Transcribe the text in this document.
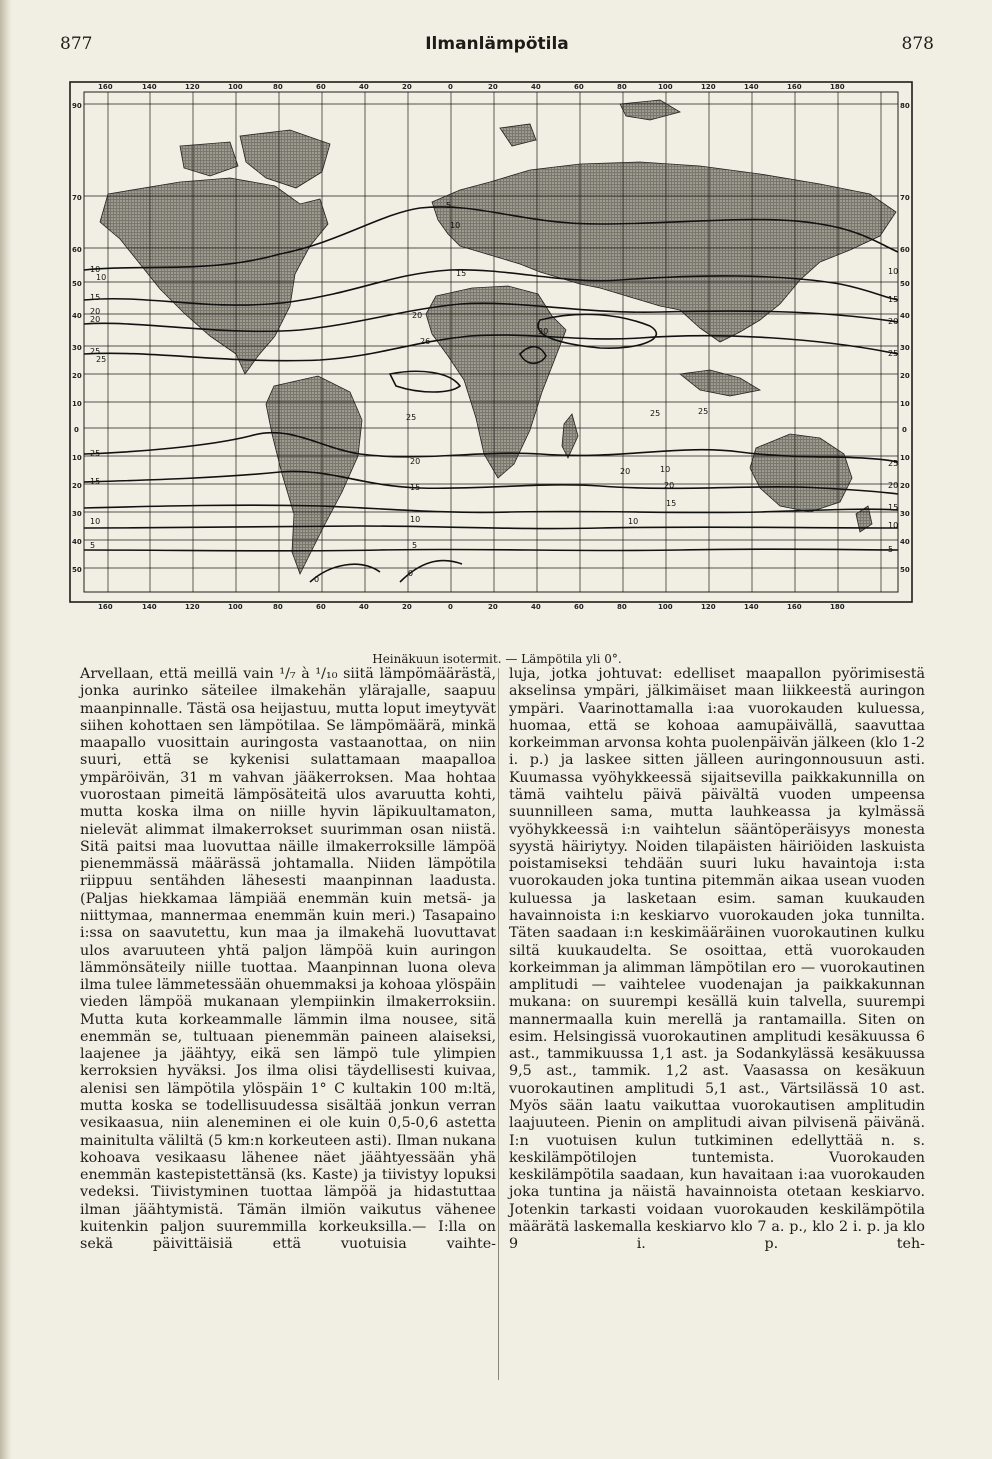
877	Ilmanlämpötila	878
160	140	120	100	80	60	40	20	0	20	40	60	80	100	120	140	160	180
160	140	120	100	80	60	40	20	0	20	40	60	80	100	120	140	160	180
90
70
60
50
40
30
20
10
0
10
20
30
40
50
80
70
60
50
40
30
20
10
0
10
20
30
40
50
5
10
10	10
15
15
20	20
20
25	25
26
25	25
25
25
20
20
20
15
15
15
10	10	10	10
5	5	5
0
0
30
10
15
20
25
20
15
10
25
Heinäkuun isotermit. — Lämpötila yli 0°.

Arvellaan, että meillä vain ¹/₇ à ¹/₁₀ siitä lämpömäärästä, jonka aurinko säteilee ilmakehän ylärajalle, saapuu maanpinnalle. Tästä osa heijastuu, mutta loput imeytyvät siihen kohottaen sen lämpötilaa. Se lämpömäärä, minkä maapallo vuosittain auringosta vastaanottaa, on niin suuri, että se kykenisi sulattamaan maapalloa ympäröivän, 31 m vahvan jääkerroksen. Maa hohtaa vuorostaan pimeitä lämpösäteitä ulos avaruutta kohti, mutta koska ilma on niille hyvin läpikuultamaton, nielevät alimmat ilmakerrokset suurimman osan niistä. Sitä paitsi maa luovuttaa näille ilmakerroksille lämpöä pienemmässä määrässä johtamalla. Niiden lämpötila riippuu sentähden lähesesti maanpinnan laadusta. (Paljas hiekkamaa lämpiää enemmän kuin metsä- ja niittymaa, mannermaa enemmän kuin meri.) Tasapaino i:ssa on saavutettu, kun maa ja ilmakehä luovuttavat ulos avaruuteen yhtä paljon lämpöä kuin auringon lämmönsäteily niille tuottaa. Maanpinnan luona oleva ilma tulee lämmetessään ohuemmaksi ja kohoaa ylöspäin vieden lämpöä mukanaan ylempiinkin ilmakerroksiin. Mutta kuta korkeammalle lämmin ilma nousee, sitä enemmän se, tultuaan pienemmän paineen alaiseksi, laajenee ja jäähtyy, eikä sen lämpö tule ylimpien kerroksien hyväksi. Jos ilma olisi täydellisesti kuivaa, alenisi sen lämpötila ylöspäin 1° C kultakin 100 m:ltä, mutta koska se todellisuudessa sisältää jonkun verran vesikaasua, niin aleneminen ei ole kuin 0,5-0,6 astetta mainitulta väliltä (5 km:n korkeuteen asti). Ilman nukana kohoava vesikaasu lähenee näet jäähtyessään yhä enemmän kastepistettänsä (ks. Kaste) ja tiivistyy lopuksi vedeksi. Tiivistyminen tuottaa lämpöä ja hidastuttaa ilman jäähtymistä. Tämän ilmiön vaikutus vähenee kuitenkin paljon suuremmilla korkeuksilla.— I:lla on sekä päivittäisiä että vuotuisia vaihte-

luja, jotka johtuvat: edelliset maapallon pyörimisestä akselinsa ympäri, jälkimäiset maan liikkeestä auringon ympäri. Vaarinottamalla i:aa vuorokauden kuluessa, huomaa, että se kohoaa aamupäivällä, saavuttaa korkeimman arvonsa kohta puolenpäivän jälkeen (klo 1-2 i. p.) ja laskee sitten jälleen auringonnousuun asti. Kuumassa vyöhykkeessä sijaitsevilla paikkakunnilla on tämä vaihtelu päivä päivältä vuoden umpeensa suunnilleen sama, mutta lauhkeassa ja kylmässä vyöhykkeessä i:n vaihtelun sääntöperäisyys monesta syystä häiriytyy. Noiden tilapäisten häiriöiden laskuista poistamiseksi tehdään suuri luku havaintoja i:sta vuorokauden joka tuntina pitemmän aikaa usean vuoden kuluessa ja lasketaan esim. saman kuukauden havainnoista i:n keskiarvo vuorokauden joka tunnilta. Täten saadaan i:n keskimääräinen vuorokautinen kulku siltä kuukaudelta. Se osoittaa, että vuorokauden korkeimman ja alimman lämpötilan ero — vuorokautinen amplitudi — vaihtelee vuodenajan ja paikkakunnan mukana: on suurempi kesällä kuin talvella, suurempi mannermaalla kuin merellä ja rantamailla. Siten on esim. Helsingissä vuorokautinen amplitudi kesäkuussa 6 ast., tammikuussa 1,1 ast. ja Sodankylässä kesäkuussa 9,5 ast., tammik. 1,2 ast. Vaasassa on kesäkuun vuorokautinen amplitudi 5,1 ast., Värtsilässä 10 ast. Myös sään laatu vaikuttaa vuorokautisen amplitudin laajuuteen. Pienin on amplitudi aivan pilvisenä päivänä. I:n vuotuisen kulun tutkiminen edellyttää n. s. keskilämpötilojen tuntemista. Vuorokauden keskilämpötila saadaan, kun havaitaan i:aa vuorokauden joka tuntina ja näistä havainnoista otetaan keskiarvo. Jotenkin tarkasti voidaan vuorokauden keskilämpötila määrätä laskemalla keskiarvo klo 7 a. p., klo 2 i. p. ja klo 9 i. p. teh-
